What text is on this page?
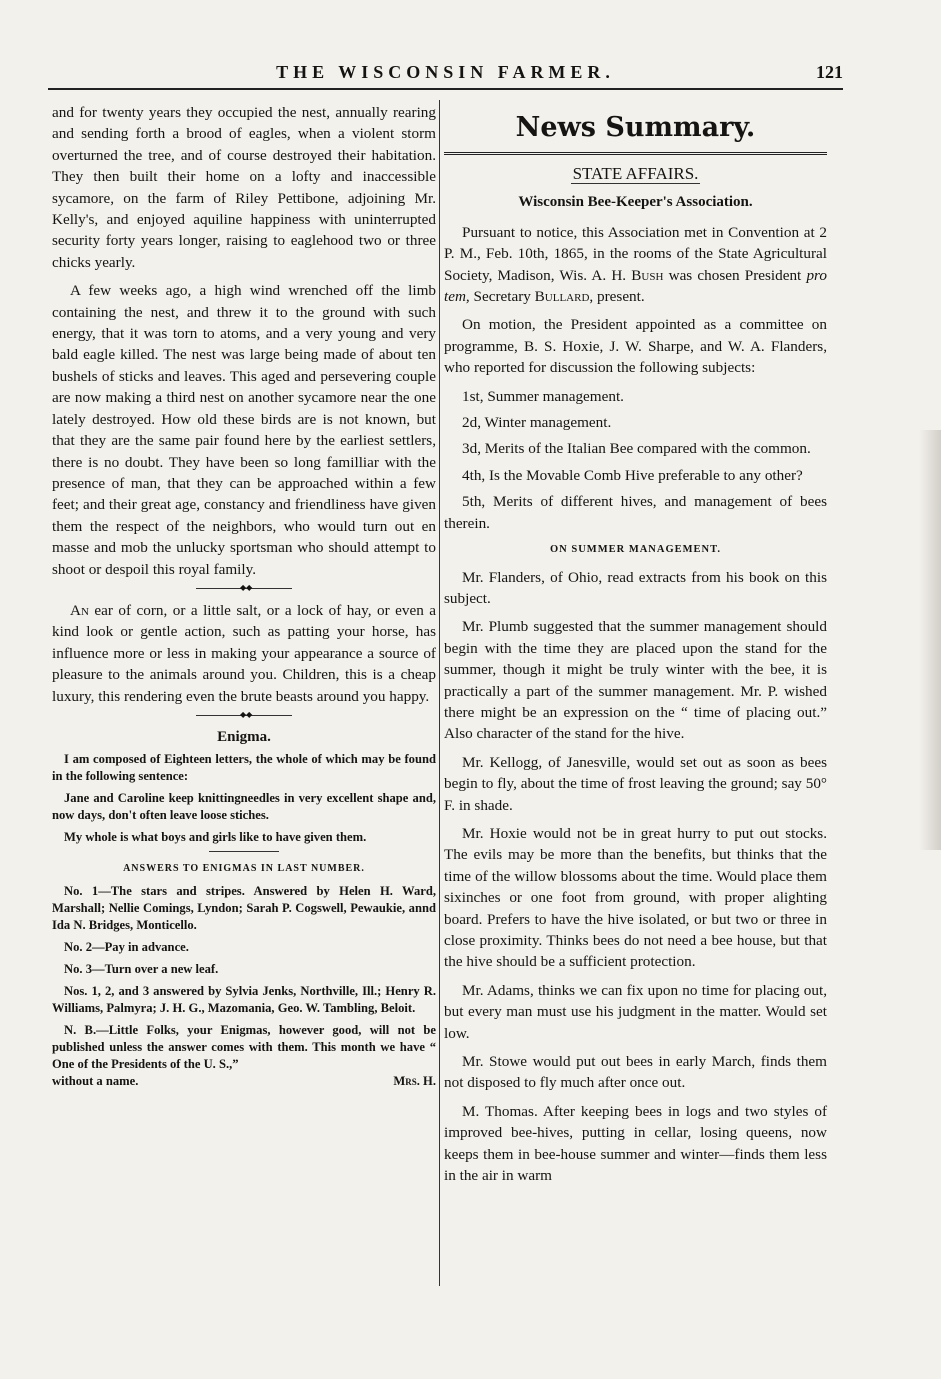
THE WISCONSIN FARMER.	121

and for twenty years they occupied the nest, annually rearing and sending forth a brood of eagles, when a violent storm overturned the tree, and of course destroyed their habitation. They then built their home on a lofty and inaccessible sycamore, on the farm of Riley Pettibone, adjoining Mr. Kelly's, and enjoyed aquiline happiness with uninterrupted security forty years longer, raising to eaglehood two or three chicks yearly.

A few weeks ago, a high wind wrenched off the limb containing the nest, and threw it to the ground with such energy, that it was torn to atoms, and a very young and very bald eagle killed. The nest was large being made of about ten bushels of sticks and leaves. This aged and persevering couple are now making a third nest on another sycamore near the one lately destroyed. How old these birds are is not known, but that they are the same pair found here by the earliest settlers, there is no doubt. They have been so long familliar with the presence of man, that they can be approached within a few feet; and their great age, constancy and friendliness have given them the respect of the neighbors, who would turn out en masse and mob the unlucky sportsman who should attempt to shoot or despoil this royal family.

◆◆

An ear of corn, or a little salt, or a lock of hay, or even a kind look or gentle action, such as patting your horse, has influence more or less in making your appearance a source of pleasure to the animals around you. Children, this is a cheap luxury, this rendering even the brute beasts around you happy.

◆◆
Enigma.

I am composed of Eighteen letters, the whole of which may be found in the following sentence:

Jane and Caroline keep knittingneedles in very excellent shape and, now days, don't often leave loose stiches.

My whole is what boys and girls like to have given them.

ANSWERS TO ENIGMAS IN LAST NUMBER.

No. 1—The stars and stripes. Answered by Helen H. Ward, Marshall; Nellie Comings, Lyndon; Sarah P. Cogswell, Pewaukie, annd Ida N. Bridges, Monticello.

No. 2—Pay in advance.

No. 3—Turn over a new leaf.

Nos. 1, 2, and 3 answered by Sylvia Jenks, Northville, Ill.; Henry R. Williams, Palmyra; J. H. G., Mazomania, Geo. W. Tambling, Beloit.

N. B.—Little Folks, your Enigmas, however good, will not be published unless the answer comes with them. This month we have “ One of the Presidents of the U. S.,”

without a name.	Mrs. H.
News Summary.
STATE AFFAIRS.
Wisconsin Bee-Keeper's Association.

Pursuant to notice, this Association met in Convention at 2 P. M., Feb. 10th, 1865, in the rooms of the State Agricultural Society, Madison, Wis. A. H. Bush was chosen President pro tem, Secretary Bullard, present.

On motion, the President appointed as a committee on programme, B. S. Hoxie, J. W. Sharpe, and W. A. Flanders, who reported for discussion the following subjects:

1st, Summer management.

2d, Winter management.

3d, Merits of the Italian Bee compared with the common.

4th, Is the Movable Comb Hive preferable to any other?

5th, Merits of different hives, and management of bees therein.

ON SUMMER MANAGEMENT.

Mr. Flanders, of Ohio, read extracts from his book on this subject.

Mr. Plumb suggested that the summer management should begin with the time they are placed upon the stand for the summer, though it might be truly winter with the bee, it is practically a part of the summer management. Mr. P. wished there might be an expression on the “ time of placing out.” Also character of the stand for the hive.

Mr. Kellogg, of Janesville, would set out as soon as bees begin to fly, about the time of frost leaving the ground; say 50° F. in shade.

Mr. Hoxie would not be in great hurry to put out stocks. The evils may be more than the benefits, but thinks that the time of the willow blossoms about the time. Would place them sixinches or one foot from ground, with proper alighting board. Prefers to have the hive isolated, or but two or three in close proximity. Thinks bees do not need a bee house, but that the hive should be a sufficient protection.

Mr. Adams, thinks we can fix upon no time for placing out, but every man must use his judgment in the matter. Would set low.

Mr. Stowe would put out bees in early March, finds them not disposed to fly much after once out.

M. Thomas. After keeping bees in logs and two styles of improved bee-hives, putting in cellar, losing queens, now keeps them in bee-house summer and winter—finds them less in the air in warm
